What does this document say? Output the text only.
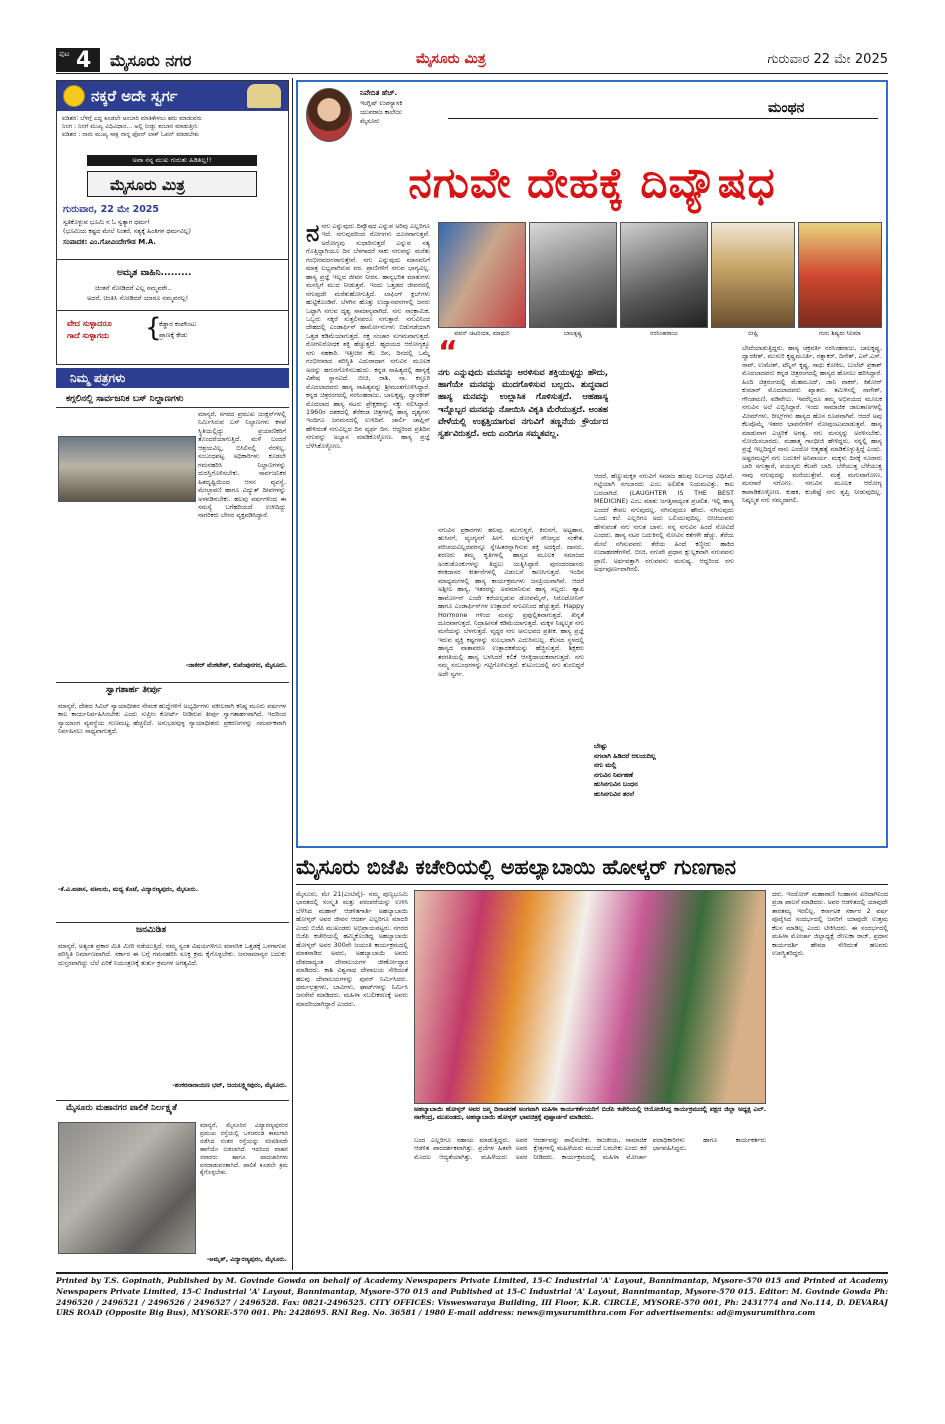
ಪುಟ 4 ಮೈಸೂರು ನಗರ	ಮೈಸೂರು ಮಿತ್ರ	ಗುರುವಾರ 22 ಮೇ 2025
ನಕ್ಕರೆ ಅದೇ ಸ್ವರ್ಗ
ಪಡಿಶರ: ಬೆಳಿಗ್ಗೆ ಎದ್ದ ಕೂಡಲೇ ಅಂಬಾರಿ ಮಾತಿಕೇಳಲು ಹರು ಮಾಡುವರು
ನಿನಗ : ನಿನಗೆ ಮುಖ್ಯ ವಿಧಿವಿಧಾನ... ಅಲ್ಲಿ ನೀಡ್ದು ಕಂಬಾರ ಮಾಡುತ್ತೀನಿ
ಪಡಿಶರ : ನಾನು ಮುಖ್ಯ ಸಾಕ್ಷ ನಾನ್ನ ಫೋನ್ ಲಾಕ್ ಓಪನ್ ಮಾಡಬೇಕು
ಅವಾ ನನ್ನ ಮುಖ ಗುರುತು ಹಿಡಿತಿಲ್ಲ!!
ಮೈಸೂರು ಮಿತ್ರ
ಗುರುವಾರ, 22 ಮೇ 2025
ಸ್ವತಿಕೊಳ್ಳುವ ಭೂಮಿ ನ ಓ ಸ್ವತ್ಯಾಗ ಧರ್ಮ!
(ಭೂಮಿಯ ಕಷ್ಟದ ಮೇಲೆ ನಿಂತರೆ, ಸತ್ಯಕ್ಕೆ ಹಿಂತಿಗಳ ಧರ್ಮವಿಲ್ಲ)
ಸಂಪಾದಕ: ಎಂ.ಗೋವಿಂದೇಗೌಡ M.A.
ಅಮೃತ ವಾಹಿನಿ.........
ಚಿಂತನೆ ನೋಡಿದರೆ ಎಲ್ಲ ನಮ್ಮವರೇ..
ಅದರೆ, ಚಿಂತಿಸಿ ನೋಡಿದರೆ ಯಾರೂ ನಮ್ಮವರಲ್ಲ!
ವೇದ ಸುಳ್ಳಾದರೂ
ಗಾದೆ ಸುಳ್ಳಾಗದು {
ಕೆಡ್ಡಾರ ಕಂಪೌಂಟು
ಪ್ರಾಣಕ್ಕೆ ಕೇಡು
ನಿಮ್ಮ ಪತ್ರಗಳು
ಕಗ್ಗಲಿನಲ್ಲಿ ಸಾರ್ವಜನಿಕ ಬಸ್ ನಿಲ್ದಾಣಗಳು
ಮಾನ್ಯರೆ, ನಗರದ ಪ್ರಮುಖ ಜಂಕ್ಷನ್‌ಗಳಲ್ಲಿ ನಿರ್ಮಿಸಿರುವ ಬಸ್ ನಿಲ್ದಾಣಗಳು ಕಳಪೆ ಸ್ಥಿತಿಯಲ್ಲಿದ್ದು ಪ್ರಯಾಣಿಕರಿಗೆ ತೊಂದರೆಯಾಗುತ್ತಿದೆ. ಮಳೆ ಬಂದರೆ ಆಶ್ರಯವಿಲ್ಲ, ಬಿಸಿಲಿನಲ್ಲಿ ನೆರಳಿಲ್ಲ. ಸಂಬಂಧಪಟ್ಟ ಅಧಿಕಾರಿಗಳು ಕೂಡಲೇ ಗಮನಹರಿಸಿ ನಿಲ್ದಾಣಗಳನ್ನು ದುರಸ್ತಿಗೊಳಿಸಬೇಕು. ಸಾರ್ವಜನಿಕರ ಹಿತದೃಷ್ಟಿಯಿಂದ ಆಸನ ವ್ಯವಸ್ಥೆ, ಮೇಲ್ಛಾವಣಿ ಹಾಗೂ ವಿದ್ಯುತ್ ದೀಪಗಳನ್ನು ಅಳವಡಿಸಬೇಕು. ಹಲವು ವರ್ಷಗಳಿಂದ ಈ ಸಮಸ್ಯೆ ಬಗೆಹರಿಯದೆ ಉಳಿದಿದ್ದು ನಾಗರಿಕರು ಬೇಸರ ವ್ಯಕ್ತಪಡಿಸಿದ್ದಾರೆ.
-ಜಾಕೀರ್ ವೆಂಕಟೇಶ್, ಕುವೆಂಪುನಗರ, ಮೈಸೂರು.
ಸ್ವಾಗತಾರ್ಹ ತೀರ್ಪು
ಮಾನ್ಯರೆ, ದೇಶದ ಸಿವಿಲ್ ನ್ಯಾಯಾಧೀಶರ ನೇಮಕ ಹುದ್ದೆಗಳಿಗೆ ಅಭ್ಯರ್ಥಿಗಳು ವಕೀಲರಾಗಿ ಕನಿಷ್ಠ ಮೂರು ವರ್ಷಗಳ ಕಾಲ ಕಾರ್ಯನಿರ್ವಹಿಸಿರಬೇಕು ಎಂದು ಸುಪ್ರೀಂ ಕೋರ್ಟ್ ನೀಡಿರುವ ತೀರ್ಪು ಸ್ವಾಗತಾರ್ಹವಾಗಿದೆ. ಇದರಿಂದ ನ್ಯಾಯಾಂಗ ವ್ಯವಸ್ಥೆಯ ಗುಣಮಟ್ಟ ಹೆಚ್ಚಲಿದೆ. ಅನುಭವವುಳ್ಳ ನ್ಯಾಯಾಧೀಶರು ಪ್ರಕರಣಗಳನ್ನು ಸಮರ್ಪಕವಾಗಿ ನಿರ್ವಹಿಸಲು ಸಾಧ್ಯವಾಗುತ್ತದೆ.
-ಕೆ.ವಿ.ಐಟಾಸ, ವಕೀಲರು, ಮಧ್ಯ ಕೊಟೆ, ವಿದ್ಯಾರಣ್ಯಪುರಂ, ಮೈಸೂರು.
ಜನಮಿಡಿತ
ಮಾನ್ಯರೆ, ಅತ್ಯಂತ ಪ್ರಕಾರ ಮಿತಿ ಮೀರಿ ನಡೆಯುತ್ತಿದೆ. ನಮ್ಮ ಸ್ವಂತ ವಿಷಯಗಳಿಗೂ ಮಾನಸಿಕ ಒತ್ತಡಕ್ಕೆ ಒಳಗಾಗುವ ಪರಿಸ್ಥಿತಿ ನಿರ್ಮಾಣವಾಗಿದೆ. ಸರ್ಕಾರ ಈ ಬಗ್ಗೆ ಗಮನಹರಿಸಿ ಸೂಕ್ತ ಕ್ರಮ ಕೈಗೊಳ್ಳಬೇಕು. ಜನಸಾಮಾನ್ಯರ ಬದುಕು ದುಸ್ತರವಾಗಿದ್ದು ಬೆಲೆ ಏರಿಕೆ ನಿಯಂತ್ರಣಕ್ಕೆ ತುರ್ತು ಕ್ರಮಗಳ ಅಗತ್ಯವಿದೆ.
-ಶಂಕರನಾರಾಯಣ ಭಟ್, ಜಯಲಕ್ಷ್ಮೀಪುರಂ, ಮೈಸೂರು.
ಮೈಸೂರು ಮಹಾನಗರ ಪಾಲಿಕೆ ನಿರ್ಲಕ್ಷ್ಯತೆ
ಮಾನ್ಯರೆ, ಮೈಸೂರಿನ ವಿದ್ಯಾರಣ್ಯಪುರಂನ ಪ್ರಮುಖ ರಸ್ತೆಯಲ್ಲಿ ಒಳಚರಂಡಿ ಕಾಮಗಾರಿ ನಡೆಸಿದ ನಂತರ ರಸ್ತೆಯನ್ನು ಸರಿಪಡಿಸದೇ ಹಾಗೆಯೇ ಬಿಡಲಾಗಿದೆ. ಇದರಿಂದ ವಾಹನ ಸವಾರರು ಹಾಗೂ ಪಾದಚಾರಿಗಳು ಪರದಾಡುವಂತಾಗಿದೆ. ಪಾಲಿಕೆ ಕೂಡಲೇ ಕ್ರಮ ಕೈಗೊಳ್ಳಬೇಕು.
-ಅಮೃತ್, ವಿದ್ಯಾರಣ್ಯಪುರಂ, ಮೈಸೂರು.
ನಿವೇದಿತ ಹೆಚ್.
ಇಂಗ್ಲಿಷ್ ಉಪನ್ಯಾಸಕಿ
ಯುವರಾಜ ಕಾಲೇಜು
ಮೈಸೂರು
ಮಂಥನ
ನಗುವೇ ದೇಹಕ್ಕೆ ದಿವ್ಯೌಷಧ
ನ ನಗು ಎನ್ನುವುದು ದಿವ್ಯೌಷಧ ಎನ್ನುವ ಅರಿವು ಎಲ್ಲರಿಗೂ ಇದೆ. ನಗುವುದರಿಂದ ರೋಗಗಳು ದೂರವಾಗುತ್ತವೆ. ಅರೋಗ್ಯವು ಸುಧಾರಿಸುತ್ತದೆ ಎನ್ನುವ ಸತ್ಯ ಗೊತ್ತಿದ್ದಾಗಿಯೂ ದಿನ ಬೆಳಗಾದರೆ ಸಾಕು ನಗುವನ್ನು ಮರೆತು ಗಂಭೀರವದನರಾಗುತ್ತೇವೆ. ನಗು ಎನ್ನುವುದು ಮಾನವನಿಗೆ ಮಾತ್ರ ಲಭ್ಯವಾಗಿರುವ ವರ. ಪ್ರಾಣಿಗಳಿಗೆ ನಗುವ ಭಾಗ್ಯವಿಲ್ಲ. ಹಾಸ್ಯ ಪ್ರಜ್ಞೆ ಇಲ್ಲದ ಜೀವನ ನೀರಸ. ಹಾಸ್ಯಭರಿತ ಮಾತುಗಳು ಮನಸ್ಸಿಗೆ ಮುದ ನೀಡುತ್ತವೆ. ಇಂದು ಒತ್ತಡದ ಜೀವನದಲ್ಲಿ ನಗುವುದೇ ಮರೆತುಹೋಗುತ್ತಿದೆ. ಲಾಫಿಂಗ್ ಕ್ಲಬ್‌ಗಳು ಹುಟ್ಟಿಕೊಂಡಿವೆ. ಬೆಳಗಿನ ಹೊತ್ತು ಉದ್ಯಾನವನಗಳಲ್ಲಿ ಜನರು ಒಟ್ಟಾಗಿ ನಗುವ ದೃಶ್ಯ ಸಾಮಾನ್ಯವಾಗಿದೆ. ನಗು ಸಾಂಕ್ರಾಮಿಕ, ಒಬ್ಬರು ನಕ್ಕರೆ ಸುತ್ತಲಿನವರೂ ನಗುತ್ತಾರೆ. ನಗುವಿನಿಂದ ದೇಹದಲ್ಲಿ ಎಂಡಾರ್ಫಿನ್ ಹಾರ್ಮೋನುಗಳು ಬಿಡುಗಡೆಯಾಗಿ ಒತ್ತಡ ಕಡಿಮೆಯಾಗುತ್ತದೆ. ರಕ್ತ ಸಂಚಾರ ಸುಗಮವಾಗುತ್ತದೆ. ರೋಗನಿರೋಧಕ ಶಕ್ತಿ ಹೆಚ್ಚುತ್ತದೆ. ಹೃದಯದ ಆರೋಗ್ಯಕ್ಕೂ ನಗು ಸಹಕಾರಿ. ಇತ್ತೀಚಿನ ಕೆಲ ದಿನ, ದಿನದಲ್ಲಿ ಒಮ್ಮೆ ಗಂಭೀರವಾದ ಪರಿಸ್ಥಿತಿ ಎದುರಾದಾಗ ನಗುವಿನ ಮೂಲಕ ಅದನ್ನು ಹಗುರಗೊಳಿಸಬಹುದು. ಕನ್ನಡ ಸಾಹಿತ್ಯದಲ್ಲಿ ಹಾಸ್ಯಕ್ಕೆ ವಿಶೇಷ ಸ್ಥಾನವಿದೆ. ಬೀಚಿ, ರಾಶಿ, ನಾ. ಕಸ್ತೂರಿ ಮೊದಲಾದವರು ಹಾಸ್ಯ ಸಾಹಿತ್ಯವನ್ನು ಶ್ರೀಮಂತಗೊಳಿಸಿದ್ದಾರೆ. ಕನ್ನಡ ಚಿತ್ರರಂಗದಲ್ಲಿ ನರಸಿಂಹರಾಜು, ಬಾಲಕೃಷ್ಣ, ದ್ವಾರಕೀಶ್ ಮೊದಲಾದ ಹಾಸ್ಯ ನಟರು ಪ್ರೇಕ್ಷಕರನ್ನು ನಕ್ಕು ನಲಿಸಿದ್ದಾರೆ. 1960ರ ದಶಕದಲ್ಲಿ ತೆರೆಕಂಡ ಚಿತ್ರಗಳಲ್ಲಿ ಹಾಸ್ಯ ದೃಶ್ಯಗಳು ಇಂದಿಗೂ ಜನಮನದಲ್ಲಿ ಉಳಿದಿವೆ. ಚಾರ್ಲಿ ಚಾಪ್ಲಿನ್ ಹೇಳಿದಂತೆ ನಗುವಿಲ್ಲದ ದಿನ ವ್ಯರ್ಥ ದಿನ. ಆದ್ದರಿಂದ ಪ್ರತಿದಿನ ನಗುವನ್ನು ಅಭ್ಯಾಸ ಮಾಡಿಕೊಳ್ಳೋಣ. ಹಾಸ್ಯ ಪ್ರಜ್ಞೆ ಬೆಳೆಸಿಕೊಳ್ಳೋಣ.
ಪವನ್ ಚಟರಿಯಾ, ಮಾಧುರಿ	ಬಾಲಕೃಷ್ಣ	ನರಸಿಂಹರಾಜು	ಬೀಷ್ಟಿ	ಗುರು ಶಿಷ್ಯರು ಸಿನಿಮಾ
“
ನಗು ಎನ್ನುವುದು ಮನವನ್ನು ಅರಳಿಸುವ ಶಕ್ತಿಯುಳ್ಳದ್ದು ಹೌದು, ಹಾಗೆಯೇ ಮನವನ್ನು ಮುದಗೊಳಿಸುವ ಬಲ್ಲದು. ಶುದ್ಧವಾದ ಹಾಸ್ಯ ಮನವನ್ನು ಉಲ್ಲಾಸಿತ ಗೊಳಿಸುತ್ತದೆ. ಆಹಹಾಸ್ಯ ಇನ್ನೊಬ್ಬರ ಮನವನ್ನು ನೋಯಿಸಿ ವಿಕೃತಿ ಮೆರೆಯುತ್ತದೆ. ಅಂತಹ ವೇಳೆಯಲ್ಲಿ ಉತ್ಪತ್ತಿಯಾಗುವ ನಗುವಿಗೆ ತಣ್ಣನೆಯ ಕ್ರೌರ್ಯದ ಸ್ವರ್ಶವಿರುತ್ತದೆ. ಅದು ಎಂದಿಗೂ ಸಮ್ಮತವಲ್ಲ.
ನಗುವಿನ ಪ್ರಕಾರಗಳು ಹಲವು. ಮುಗುಳ್ನಗೆ, ಕಿರುನಗೆ, ಅಟ್ಟಹಾಸ, ಹುಸಿನಗೆ, ವ್ಯಂಗ್ಯನಗೆ ಹೀಗೆ. ಮುಗುಳ್ನಗೆ ಸೌಜನ್ಯದ ಸಂಕೇತ. ಪರಿಚಯವಿಲ್ಲದವರನ್ನೂ ಸ್ನೇಹಿತರನ್ನಾಗಿಸುವ ಶಕ್ತಿ ಅದಕ್ಕಿದೆ. ದಾಸರು, ಶರಣರು ತಮ್ಮ ಕೃತಿಗಳಲ್ಲಿ ಹಾಸ್ಯದ ಮೂಲಕ ಸಮಾಜದ ಅಂಕುಡೊಂಕುಗಳನ್ನು ತಿದ್ದಲು ಯತ್ನಿಸಿದ್ದಾರೆ. ಪುರಂದರದಾಸರು ಕನಕದಾಸರ ಕೀರ್ತನೆಗಳಲ್ಲಿ ವಿಡಂಬನೆ ಕಾಣಸಿಗುತ್ತದೆ. ಇಂದಿನ ಮಾಧ್ಯಮಗಳಲ್ಲಿ ಹಾಸ್ಯ ಕಾರ್ಯಕ್ರಮಗಳು ಜನಪ್ರಿಯವಾಗಿವೆ. ಆದರೆ ಅಶ್ಲೀಲ ಹಾಸ್ಯ, ಇತರರನ್ನು ಅವಮಾನಿಸುವ ಹಾಸ್ಯ ಸಲ್ಲದು. ಹ್ಯಾಪಿ ಹಾರ್ಮೋನ್ ಎಂದೇ ಕರೆಯಲ್ಪಡುವ ಡೋಪಮೈನ್, ಸಿರೊಟೋನಿನ್ ಹಾಗೂ ಎಂಡಾರ್ಫಿನ್‌ಗಳ ಉತ್ಪಾದನೆ ನಗುವಿನಿಂದ ಹೆಚ್ಚುತ್ತದೆ. Happy Hormone ಗಳಿಂದ ಮನಸ್ಸು ಪ್ರಫುಲ್ಲಿತವಾಗುತ್ತದೆ. ಖಿನ್ನತೆ ದೂರವಾಗುತ್ತದೆ. ನಿದ್ರಾಹೀನತೆ ಕಡಿಮೆಯಾಗುತ್ತದೆ. ಮಕ್ಕಳ ನಿಷ್ಕಲ್ಮಶ ನಗು ಮನೆಯನ್ನು ಬೆಳಗುತ್ತದೆ. ವೃದ್ಧರ ನಗು ಅನುಭವದ ಪ್ರತೀಕ. ಹಾಸ್ಯ ಪ್ರಜ್ಞೆ ಇರುವ ವ್ಯಕ್ತಿ ಕಷ್ಟಗಳನ್ನು ಸುಲಭವಾಗಿ ಎದುರಿಸಬಲ್ಲ. ಕೆಲಸದ ಸ್ಥಳದಲ್ಲಿ ಹಾಸ್ಯದ ವಾತಾವರಣ ಉತ್ಪಾದಕತೆಯನ್ನು ಹೆಚ್ಚಿಸುತ್ತದೆ. ಶಿಕ್ಷಕರು ತರಗತಿಯಲ್ಲಿ ಹಾಸ್ಯ ಬಳಸಿದರೆ ಕಲಿಕೆ ಆಸಕ್ತಿದಾಯಕವಾಗುತ್ತದೆ. ನಗು ನಮ್ಮ ಸಂಬಂಧಗಳನ್ನು ಗಟ್ಟಿಗೊಳಿಸುತ್ತದೆ. ಕುಟುಂಬದಲ್ಲಿ ನಗು ತುಂಬಿದ್ದರೆ ಅದೇ ಸ್ವರ್ಗ.
ಆದರೆ, ಹೆಣ್ಣುಮಕ್ಕಳ ನಗುವಿಗೆ ಸಮಾಜ ಹಲವು ನಿರ್ಬಂಧ ವಿಧಿಸಿದೆ. ಗಟ್ಟಿಯಾಗಿ ನಗಬಾರದು ಎಂಬ ಅಲಿಖಿತ ನಿಯಮವಿತ್ತು. ಕಾಲ ಬದಲಾಗಿದೆ. (LAUGHTER IS THE BEST MEDICINE) ಎಂಬ ಮಾತು ಜಗತ್ತಿನಾದ್ಯಂತ ಪ್ರಚಲಿತ. ಇಲ್ಲಿ ಹಾಸ್ಯ ಎಂದರೆ ಕೇವಲ ನಗುವುದಲ್ಲ, ನಗಿಸುವುದೂ ಹೌದು. ನಗಿಸುವುದು ಒಂದು ಕಲೆ. ಎಲ್ಲರಿಗೂ ಅದು ಒಲಿಯುವುದಿಲ್ಲ. ಬೀಚಿಯವರು ಹೇಳುವಂತೆ ನಗು ನಗುತ ಬಾಳು. ನನ್ನ ನಗುವಿನ ಹಿಂದೆ ನೋವಿದೆ ಎಂದರು. ಹಾಸ್ಯ ನಟರ ಬದುಕಿನಲ್ಲಿ ನೋವಿನ ಕತೆಗಳೇ ಹೆಚ್ಚು. ತೆರೆಯ ಮೇಲೆ ನಗಿಸುವವರು ತೆರೆಯ ಹಿಂದೆ ಕಣ್ಣೀರು ಹಾಕಿದ ಉದಾಹರಣೆಗಳಿವೆ. ಬೀಚಿ, ನಗುವೇ ಪ್ರಧಾನ ಕ್ಷುಲ್ಲಕವಾಗಿ ನಗುವವನು ಪ್ರಾಣಿ. ಅರ್ಥವತ್ತಾಗಿ ನಗುವವನು ಮನುಷ್ಯ. ಆದ್ದರಿಂದ ನಗು ಅರ್ಥಪೂರ್ಣವಾಗಿರಲಿ.
ಬೇಷ್ಟು
ನಗಲಾಗಿ ಹಿಡಿದರೆ ಆಲಯದಿಲ್ಲ
ನಗು ಮಲ್ಲಿ
ನಗುವಿನ ನಿರ್ವಹಣೆ
ಹುಸಿನಗುವಿನ ಬಂಧನ
ಹುಸಿನಗುವಿನ ತರಲೆ
ಬೇಟೆಯಾಡುತ್ತಿದ್ದರು. ಹಾಸ್ಯ ಚಕ್ರವರ್ತಿ ನರಸಿಂಹರಾಜು, ಬಾಲಕೃಷ್ಣ, ದ್ವಾರಕೀಶ್, ಮುಸುರಿ ಕೃಷ್ಣಮೂರ್ತಿ, ರತ್ನಾಕರ್, ದಿನೇಶ್, ಎನ್.ಎಸ್. ರಾವ್, ಉಮೇಶ್, ಟೆನ್ನಿಸ್ ಕೃಷ್ಣ, ಸಾಧು ಕೋಕಿಲ, ಬುಲೆಟ್ ಪ್ರಕಾಶ್ ಮೊದಲಾದವರು ಕನ್ನಡ ಚಿತ್ರರಂಗದಲ್ಲಿ ಹಾಸ್ಯದ ಹೊನಲು ಹರಿಸಿದ್ದಾರೆ. ಹಿಂದಿ ಚಿತ್ರರಂಗದಲ್ಲಿ ಮೆಹಮೂದ್, ಜಾನಿ ವಾಕರ್, ಕಿಶೋರ್ ಕುಮಾರ್ ಮೊದಲಾದವರು ಖ್ಯಾತರು. ತಮಿಳಿನಲ್ಲಿ ನಾಗೇಶ್, ಗೌಂಡಮಣಿ, ವಡಿವೇಲು. ಇವರೆಲ್ಲರೂ ತಮ್ಮ ಅಭಿನಯದ ಮೂಲಕ ನಗುವಿನ ಅಲೆ ಎಬ್ಬಿಸಿದ್ದಾರೆ. ಇಂದು ಸಾಮಾಜಿಕ ಜಾಲತಾಣಗಳಲ್ಲಿ ಮೀಮ್‌ಗಳು, ರೀಲ್ಸ್‌ಗಳು ಹಾಸ್ಯದ ಹೊಸ ರೂಪವಾಗಿವೆ. ಆದರೆ ಅವು ಕೆಲವೊಮ್ಮೆ ಇತರರ ಭಾವನೆಗಳಿಗೆ ನೋವುಂಟುಮಾಡುತ್ತವೆ. ಹಾಸ್ಯ ಮಾಡುವಾಗ ಎಚ್ಚರಿಕೆ ಅಗತ್ಯ. ನಗು ಮನಸ್ಸನ್ನು ಅರಳಿಸಬೇಕು, ನೋಯಿಸಬಾರದು. ಮಹಾತ್ಮ ಗಾಂಧೀಜಿ ಹೇಳಿದ್ದರು, ನನ್ನಲ್ಲಿ ಹಾಸ್ಯ ಪ್ರಜ್ಞೆ ಇಲ್ಲದಿದ್ದರೆ ನಾನು ಎಂದೋ ಆತ್ಮಹತ್ಯೆ ಮಾಡಿಕೊಳ್ಳುತ್ತಿದ್ದೆ ಎಂದು. ಅಷ್ಟರಮಟ್ಟಿಗೆ ನಗು ಬದುಕಿಗೆ ಅನಿವಾರ್ಯ. ಮಕ್ಕಳು ದಿನಕ್ಕೆ ನೂರಾರು ಬಾರಿ ನಗುತ್ತಾರೆ, ವಯಸ್ಕರು ಕೆಲವೇ ಬಾರಿ. ಬೆಳೆಯುತ್ತ ಬೆಳೆಯುತ್ತ ನಾವು ನಗುವುದನ್ನು ಮರೆಯುತ್ತೇವೆ. ಮತ್ತೆ ಮಗುವಾಗೋಣ, ಮನಸಾರೆ ನಗೋಣ. ನಗುವಿನ ಮೂಲಕ ಆರೋಗ್ಯ ಕಾಪಾಡಿಕೊಳ್ಳೋಣ. ಕುಹಕ, ಕುಚೇಷ್ಟೆ ನಗು ತೃಪ್ತಿ ನೀಡುವುದಿಲ್ಲ. ನಿಷ್ಕಲ್ಮಶ ನಗು ನಮ್ಮದಾಗಲಿ.
ಮೈಸೂರು ಬಿಜೆಪಿ ಕಚೇರಿಯಲ್ಲಿ ಅಹಲ್ಯಾಬಾಯಿ ಹೋಳ್ಕರ್ ಗುಣಗಾನ
ಮೈಸೂರು, ಮೇ 21(ಎಂಟಿವೈ)- ನಮ್ಮ ಪುಣ್ಯಭೂಮಿ ಭಾರತದಲ್ಲಿ ಸಂಸ್ಕೃತಿ ಮತ್ತು ಪರಂಪರೆಯನ್ನು ಉಳಿಸಿ ಬೆಳೆಸಿದ ಮಹಾನ್ ಆಡಳಿತಗಾರ್ತಿ ಅಹಲ್ಯಾಬಾಯಿ ಹೋಳ್ಕರ್ ಅವರ ಜೀವನ ಆದರ್ಶ ಎಲ್ಲರಿಗೂ ಮಾದರಿ ಎಂದು ಬಿಜೆಪಿ ಮುಖಂಡರು ಅಭಿಪ್ರಾಯಪಟ್ಟರು. ನಗರದ ಬಿಜೆಪಿ ಕಚೇರಿಯಲ್ಲಿ ಹಮ್ಮಿಕೊಂಡಿದ್ದ ಅಹಲ್ಯಾಬಾಯಿ ಹೋಳ್ಕರ್ ಅವರ 300ನೇ ಜಯಂತಿ ಕಾರ್ಯಕ್ರಮದಲ್ಲಿ ಮಾತನಾಡಿದ ಅವರು, ಅಹಲ್ಯಾಬಾಯಿ ಅವರು ದೇಶದಾದ್ಯಂತ ದೇವಾಲಯಗಳ ಜೀರ್ಣೋದ್ಧಾರ ಮಾಡಿದರು. ಕಾಶಿ ವಿಶ್ವನಾಥ ದೇವಾಲಯ ಸೇರಿದಂತೆ ಹಲವು ದೇವಾಲಯಗಳನ್ನು ಪುನರ್ ನಿರ್ಮಿಸಿದರು. ಧರ್ಮಛತ್ರಗಳು, ಬಾವಿಗಳು, ಘಾಟ್‌ಗಳನ್ನು ನಿರ್ಮಿಸಿ ಜನಸೇವೆ ಮಾಡಿದರು. ಮಹಿಳಾ ಸಬಲೀಕರಣಕ್ಕೆ ಅವರು ಮಾದರಿಯಾಗಿದ್ದಾರೆ ಎಂದರು.
ಅಹಲ್ಯಾಬಾಯಿ ಹೋಳ್ಕರ್ ಅವರ ಜನ್ಮ ದಿನಾಚರಣೆ ಅಂಗವಾಗಿ ಮಹಿಳಾ ಕಾರ್ಯಕರ್ತೆಯರಿಗೆ ಬಿಜೆಪಿ ಕಚೇರಿಯಲ್ಲಿ ಆಯೋಜಿಸಿದ್ದ ಕಾರ್ಯಕ್ರಮದಲ್ಲಿ ಪಕ್ಷದ ಜಿಲ್ಲಾ ಅಧ್ಯಕ್ಷ ಎಲ್. ನಾಗೇಂದ್ರ, ಮುಖಂಡರು, ಅಹಲ್ಯಾಬಾಯಿ ಹೋಳ್ಕರ್ ಭಾವಚಿತ್ರಕ್ಕೆ ಪುಷ್ಪಾರ್ಚನೆ ಮಾಡಿದರು.
ಬಂದ ಎಲ್ಲರಿಗೂ ಸಹಾಯ ಮಾಡುತ್ತಿದ್ದರು. ಅವರ ಆಡಳಿತ ಪಾರದರ್ಶಕವಾಗಿತ್ತು. ಪ್ರಜೆಗಳ ಹಿತವೇ ಅವರ ಮೊದಲ ಆದ್ಯತೆಯಾಗಿತ್ತು. ಮಹಿಳೆಯರು ಅವರ ಆದರ್ಶವನ್ನು ಪಾಲಿಸಬೇಕು. ರಾಜಕೀಯ, ಸಾಮಾಜಿಕ ಕ್ಷೇತ್ರಗಳಲ್ಲಿ ಮಹಿಳೆಯರು ಮುಂದೆ ಬರಬೇಕು ಎಂದು ಕರೆ ನೀಡಿದರು. ಕಾರ್ಯಕ್ರಮದಲ್ಲಿ ಮಹಿಳಾ ಮೋರ್ಚಾ ಪದಾಧಿಕಾರಿಗಳು ಹಾಗೂ ಕಾರ್ಯಕರ್ತರು ಭಾಗವಹಿಸಿದ್ದರು.
ದರು. ಇಂದೋರ್ ಮಹಾರಾಣಿ ಸಿಂಹಾಸನ ಏರಿದಾಗಿನಿಂದ ಪ್ರಜಾ ಪಾಲನೆ ಮಾಡಿದರು. ಅವರ ಆಡಳಿತದಲ್ಲಿ ಯಾವುದೇ ತಾರತಮ್ಯ ಇರಲಿಲ್ಲ. ಕರ್ನಾಟಕ ಸರ್ಕಾರ 2 ವರ್ಷ ಪೂರೈಸಿದ ಸಂದರ್ಭದಲ್ಲಿ ಜನರಿಗೆ ಯಾವುದೇ ಉತ್ತಮ ಕೆಲಸ ಮಾಡಿಲ್ಲ ಎಂದು ಟೀಕಿಸಿದರು. ಈ ಸಂದರ್ಭದಲ್ಲಿ ಮಹಿಳಾ ಮೋರ್ಚಾ ಜಿಲ್ಲಾಧ್ಯಕ್ಷೆ ರೇಣುಕಾ ರಾಜ್, ಪ್ರಧಾನ ಕಾರ್ಯದರ್ಶಿ ಹೇಮಾ ಸೇರಿದಂತೆ ಹಲವರು ಉಪಸ್ಥಿತರಿದ್ದರು.
Printed by T.S. Gopinath, Published by M. Govinde Gowda on behalf of Academy Newspapers Private Limited, 15-C Industrial 'A' Layout, Bannimantap, Mysore-570 015 and Printed at Academy Newspapers Private Limited, 15-C Industrial 'A' Layout, Bannimantap, Mysore-570 015 and Published at 15-C Industrial 'A' Layout, Bannimantap, Mysore-570 015. Editor: M. Govinde Gowda Ph: 2496520 / 2496521 / 2496526 / 2496527 / 2496528. Fax: 0821-2496525. CITY OFFICES: Visweswaraya Building, III Floor, K.R. CIRCLE, MYSORE-570 001, Ph: 2431774 and No.114, D. DEVARAJ URS ROAD (Opposite Big Bus), MYSORE-570 001. Ph: 2428695. RNI Reg. No. 36581 / 1980 E-mail address: news@mysurumithra.com For advertisements: ad@mysurumithra.com
